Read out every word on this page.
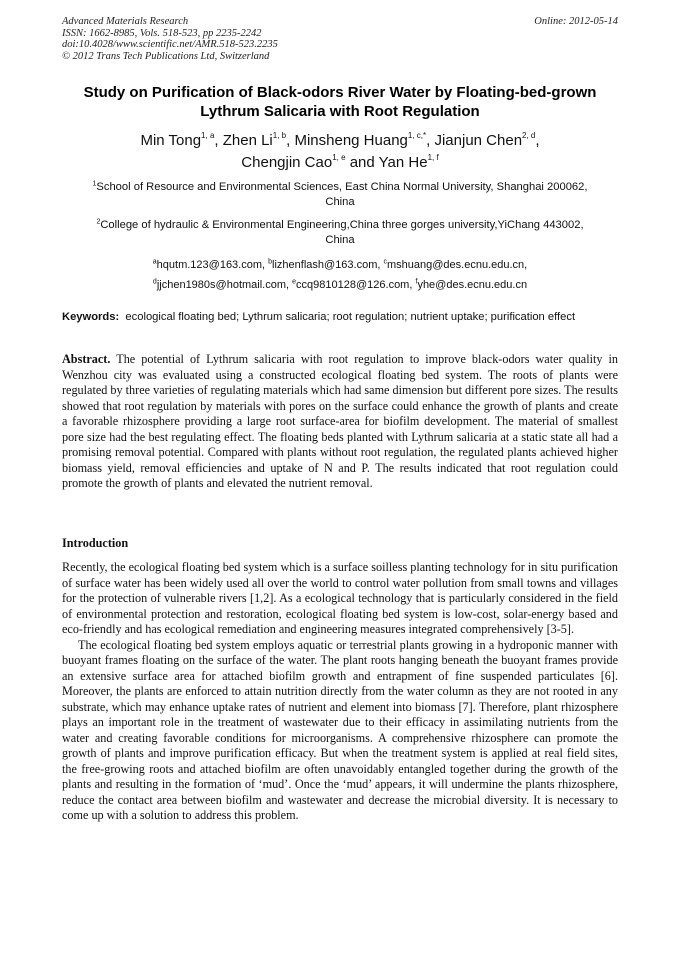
Advanced Materials Research
ISSN: 1662-8985, Vols. 518-523, pp 2235-2242
doi:10.4028/www.scientific.net/AMR.518-523.2235
© 2012 Trans Tech Publications Ltd, Switzerland
Online: 2012-05-14
Study on Purification of Black-odors River Water by Floating-bed-grown
Lythrum Salicaria with Root Regulation
Min Tong$^{1, a}$, Zhen Li$^{1, b}$, Minsheng Huang$^{1, c,*}$, Jianjun Chen$^{2, d}$,
Chengjin Cao$^{1, e}$ and Yan He$^{1, f}$
$^1$School of Resource and Environmental Sciences, East China Normal University, Shanghai 200062,
China
$^2$College of hydraulic & Environmental Engineering,China three gorges university,YiChang 443002,
China
$^a$hqutm.123@163.com, $^b$lizhenflash@163.com, $^c$mshuang@des.ecnu.edu.cn,
$^d$jjchen1980s@hotmail.com, $^e$ccq9810128@126.com, $^f$yhe@des.ecnu.edu.cn
Keywords: ecological floating bed; Lythrum salicaria; root regulation; nutrient uptake; purification effect
Abstract. The potential of Lythrum salicaria with root regulation to improve black-odors water quality in Wenzhou city was evaluated using a constructed ecological floating bed system. The roots of plants were regulated by three varieties of regulating materials which had same dimension but different pore sizes. The results showed that root regulation by materials with pores on the surface could enhance the growth of plants and create a favorable rhizosphere providing a large root surface-area for biofilm development. The material of smallest pore size had the best regulating effect. The floating beds planted with Lythrum salicaria at a static state all had a promising removal potential. Compared with plants without root regulation, the regulated plants achieved higher biomass yield, removal efficiencies and uptake of N and P. The results indicated that root regulation could promote the growth of plants and elevated the nutrient removal.
Introduction

Recently, the ecological floating bed system which is a surface soilless planting technology for in situ purification of surface water has been widely used all over the world to control water pollution from small towns and villages for the protection of vulnerable rivers [1,2]. As a ecological technology that is particularly considered in the field of environmental protection and restoration, ecological floating bed system is low-cost, solar-energy based and eco-friendly and has ecological remediation and engineering measures integrated comprehensively [3-5].

The ecological floating bed system employs aquatic or terrestrial plants growing in a hydroponic manner with buoyant frames floating on the surface of the water. The plant roots hanging beneath the buoyant frames provide an extensive surface area for attached biofilm growth and entrapment of fine suspended particulates [6]. Moreover, the plants are enforced to attain nutrition directly from the water column as they are not rooted in any substrate, which may enhance uptake rates of nutrient and element into biomass [7]. Therefore, plant rhizosphere plays an important role in the treatment of wastewater due to their efficacy in assimilating nutrients from the water and creating favorable conditions for microorganisms. A comprehensive rhizosphere can promote the growth of plants and improve purification efficacy. But when the treatment system is applied at real field sites, the free-growing roots and attached biofilm are often unavoidably entangled together during the growth of the plants and resulting in the formation of ‘mud’. Once the ‘mud’ appears, it will undermine the plants rhizosphere, reduce the contact area between biofilm and wastewater and decrease the microbial diversity. It is necessary to come up with a solution to address this problem.
